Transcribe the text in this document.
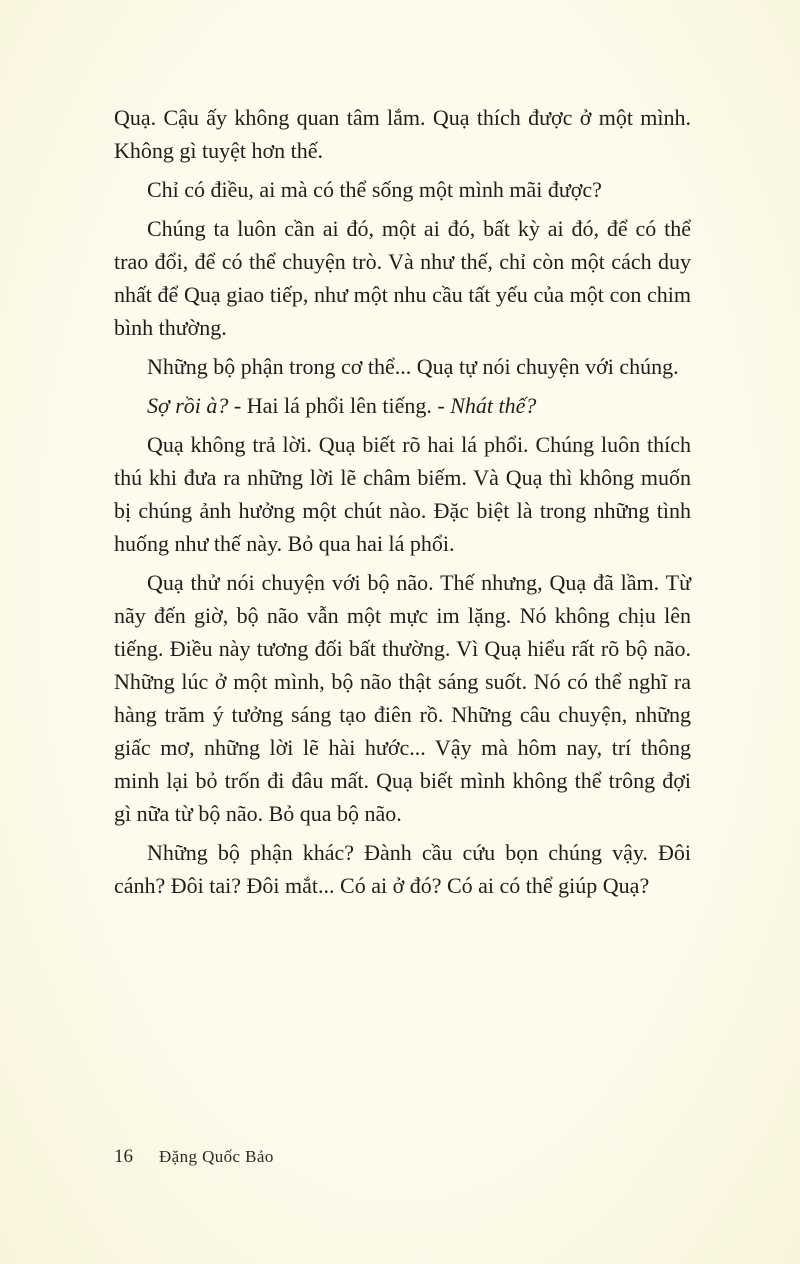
Quạ. Cậu ấy không quan tâm lắm. Quạ thích được ở một mình. Không gì tuyệt hơn thế.

Chỉ có điều, ai mà có thể sống một mình mãi được?

Chúng ta luôn cần ai đó, một ai đó, bất kỳ ai đó, để có thể trao đổi, để có thể chuyện trò. Và như thế, chỉ còn một cách duy nhất để Quạ giao tiếp, như một nhu cầu tất yếu của một con chim bình thường.

Những bộ phận trong cơ thể... Quạ tự nói chuyện với chúng.

Sợ rồi à? - Hai lá phổi lên tiếng. - Nhát thế?

Quạ không trả lời. Quạ biết rõ hai lá phổi. Chúng luôn thích thú khi đưa ra những lời lẽ châm biếm. Và Quạ thì không muốn bị chúng ảnh hưởng một chút nào. Đặc biệt là trong những tình huống như thế này. Bỏ qua hai lá phổi.

Quạ thử nói chuyện với bộ não. Thế nhưng, Quạ đã lầm. Từ nãy đến giờ, bộ não vẫn một mực im lặng. Nó không chịu lên tiếng. Điều này tương đối bất thường. Vì Quạ hiểu rất rõ bộ não. Những lúc ở một mình, bộ não thật sáng suốt. Nó có thể nghĩ ra hàng trăm ý tưởng sáng tạo điên rồ. Những câu chuyện, những giấc mơ, những lời lẽ hài hước... Vậy mà hôm nay, trí thông minh lại bỏ trốn đi đâu mất. Quạ biết mình không thể trông đợi gì nữa từ bộ não. Bỏ qua bộ não.

Những bộ phận khác? Đành cầu cứu bọn chúng vậy. Đôi cánh? Đôi tai? Đôi mắt... Có ai ở đó? Có ai có thể giúp Quạ?

16 Đặng Quốc Bảo
